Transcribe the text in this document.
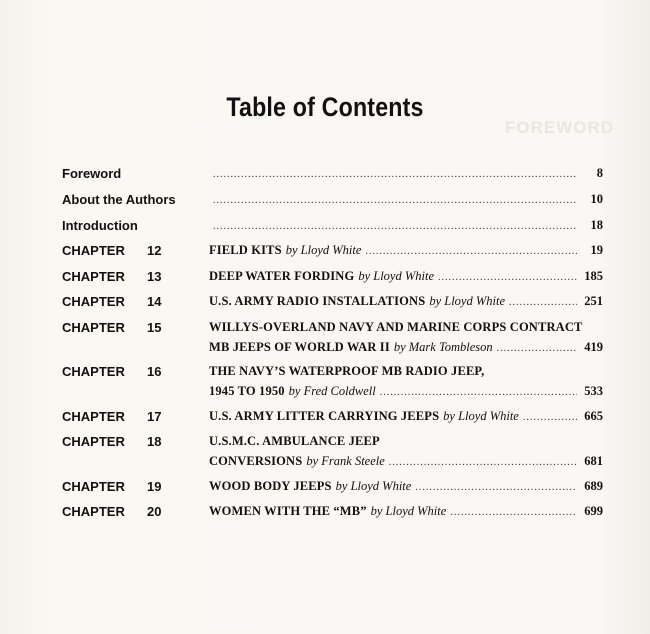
FOREWORD
Table of Contents
Foreword .....	8
About the Authors .....	10
Introduction .....	18
CHAPTER 12	FIELD KITS by Lloyd White .....	19
CHAPTER 13	DEEP WATER FORDING by Lloyd White .....	185
CHAPTER 14	U.S. ARMY RADIO INSTALLATIONS by Lloyd White .....	251
CHAPTER 15	WILLYS-OVERLAND NAVY AND MARINE CORPS CONTRACT
MB JEEPS OF WORLD WAR II by Mark Tombleson .....	419
CHAPTER 16	THE NAVY’S WATERPROOF MB RADIO JEEP,
1945 TO 1950 by Fred Coldwell .....	533
CHAPTER 17	U.S. ARMY LITTER CARRYING JEEPS by Lloyd White .....	665
CHAPTER 18	U.S.M.C. AMBULANCE JEEP
CONVERSIONS by Frank Steele .....	681
CHAPTER 19	WOOD BODY JEEPS by Lloyd White .....	689
CHAPTER 20	WOMEN WITH THE “MB” by Lloyd White .....	699
